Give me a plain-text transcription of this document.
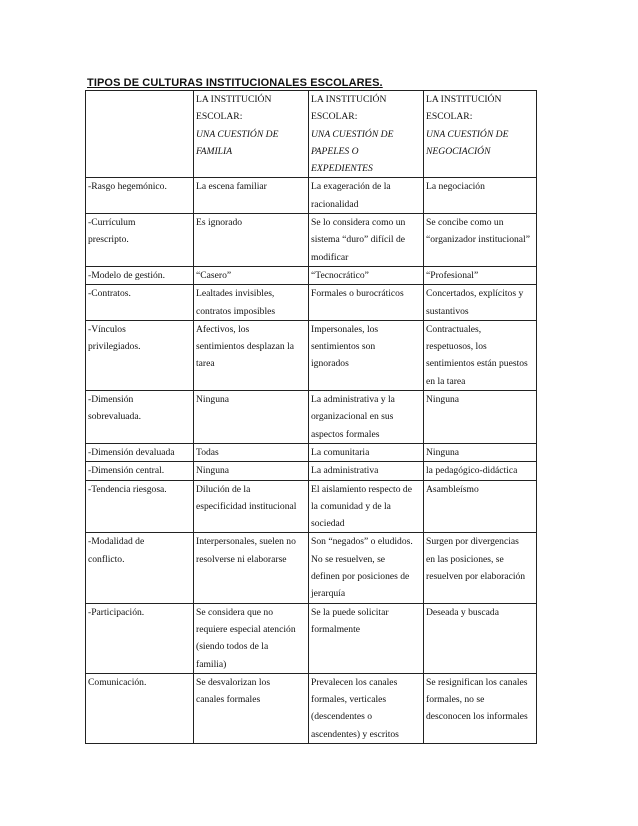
TIPOS DE CULTURAS INSTITUCIONALES ESCOLARES.

	LA INSTITUCIÓN
ESCOLAR:
UNA CUESTIÓN DE
FAMILIA	LA INSTITUCIÓN
ESCOLAR:
UNA CUESTIÓN DE
PAPELES O
EXPEDIENTES	LA INSTITUCIÓN
ESCOLAR:
UNA CUESTIÓN DE
NEGOCIACIÓN

-Rasgo hegemónico.	La escena familiar	La exageración de la
racionalidad	La negociación

-Currículum
prescripto.	Es ignorado	Se lo considera como un
sistema “duro” difícil de
modificar	Se concibe como un
“organizador institucional”

-Modelo de gestión.	“Casero”	“Tecnocrático”	“Profesional”

-Contratos.	Lealtades invisibles,
contratos imposibles	Formales o burocráticos	Concertados, explícitos y
sustantivos

-Vínculos
privilegiados.	Afectivos, los
sentimientos desplazan la
tarea	Impersonales, los
sentimientos son
ignorados	Contractuales,
respetuosos, los
sentimientos están puestos
en la tarea

-Dimensión
sobrevaluada.	Ninguna	La administrativa y la
organizacional en sus
aspectos formales	Ninguna

-Dimensión devaluada	Todas	La comunitaria	Ninguna

-Dimensión central.	Ninguna	La administrativa	la pedagógico-didáctica

-Tendencia riesgosa.	Dilución de la
especificidad institucional	El aislamiento respecto de
la comunidad y de la
sociedad	Asambleísmo

-Modalidad de
conflicto.	Interpersonales, suelen no
resolverse ni elaborarse	Son “negados” o eludidos.
No se resuelven, se
definen por posiciones de
jerarquía	Surgen por divergencias
en las posiciones, se
resuelven por elaboración

-Participación.	Se considera que no
requiere especial atención
(siendo todos de la
familia)	Se la puede solicitar
formalmente	Deseada y buscada

Comunicación.	Se desvalorizan los
canales formales	Prevalecen los canales
formales, verticales
(descendentes o
ascendentes) y escritos	Se resignifican los canales
formales, no se
desconocen los informales
